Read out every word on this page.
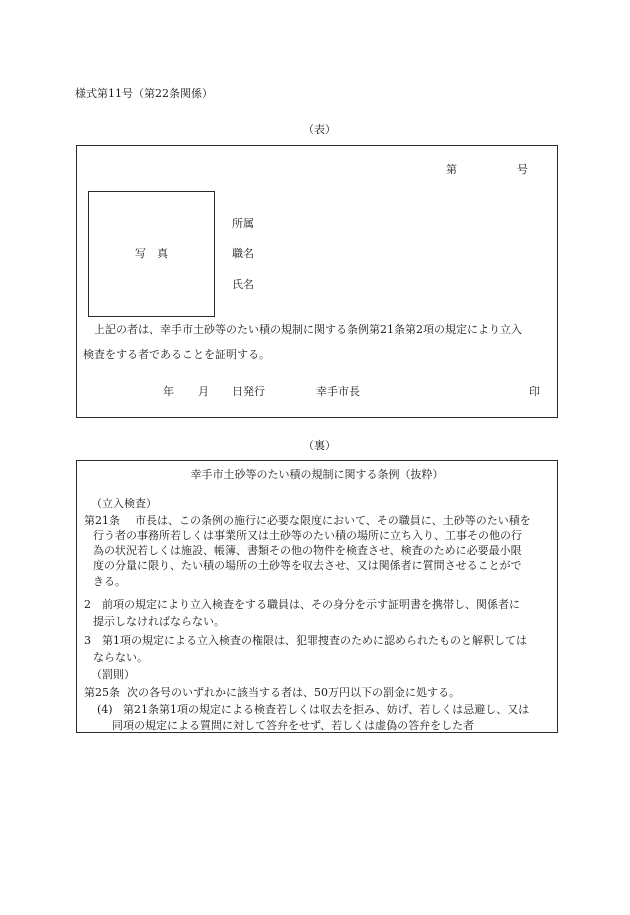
様式第11号（第22条関係）
（表）
第	号
写　真
所属
職名
氏名
上記の者は、幸手市土砂等のたい積の規制に関する条例第21条第2項の規定により立入
検査をする者であることを証明する。
年 月 日発行	幸手市長	印
（裏）
幸手市土砂等のたい積の規制に関する条例（抜粋）
（立入検査）
第21条 市長は、この条例の施行に必要な限度において、その職員に、土砂等のたい積を
行う者の事務所若しくは事業所又は土砂等のたい積の場所に立ち入り、工事その他の行
為の状況若しくは施設、帳簿、書類その他の物件を検査させ、検査のために必要最小限
度の分量に限り、たい積の場所の土砂等を収去させ、又は関係者に質問させることがで
きる。
2 前項の規定により立入検査をする職員は、その身分を示す証明書を携帯し、関係者に
提示しなければならない。
3 第1項の規定による立入検査の権限は、犯罪捜査のために認められたものと解釈しては
ならない。
（罰則）
第25条 次の各号のいずれかに該当する者は、50万円以下の罰金に処する。
(4) 第21条第1項の規定による検査若しくは収去を拒み、妨げ、若しくは忌避し、又は
同項の規定による質問に対して答弁をせず、若しくは虚偽の答弁をした者
